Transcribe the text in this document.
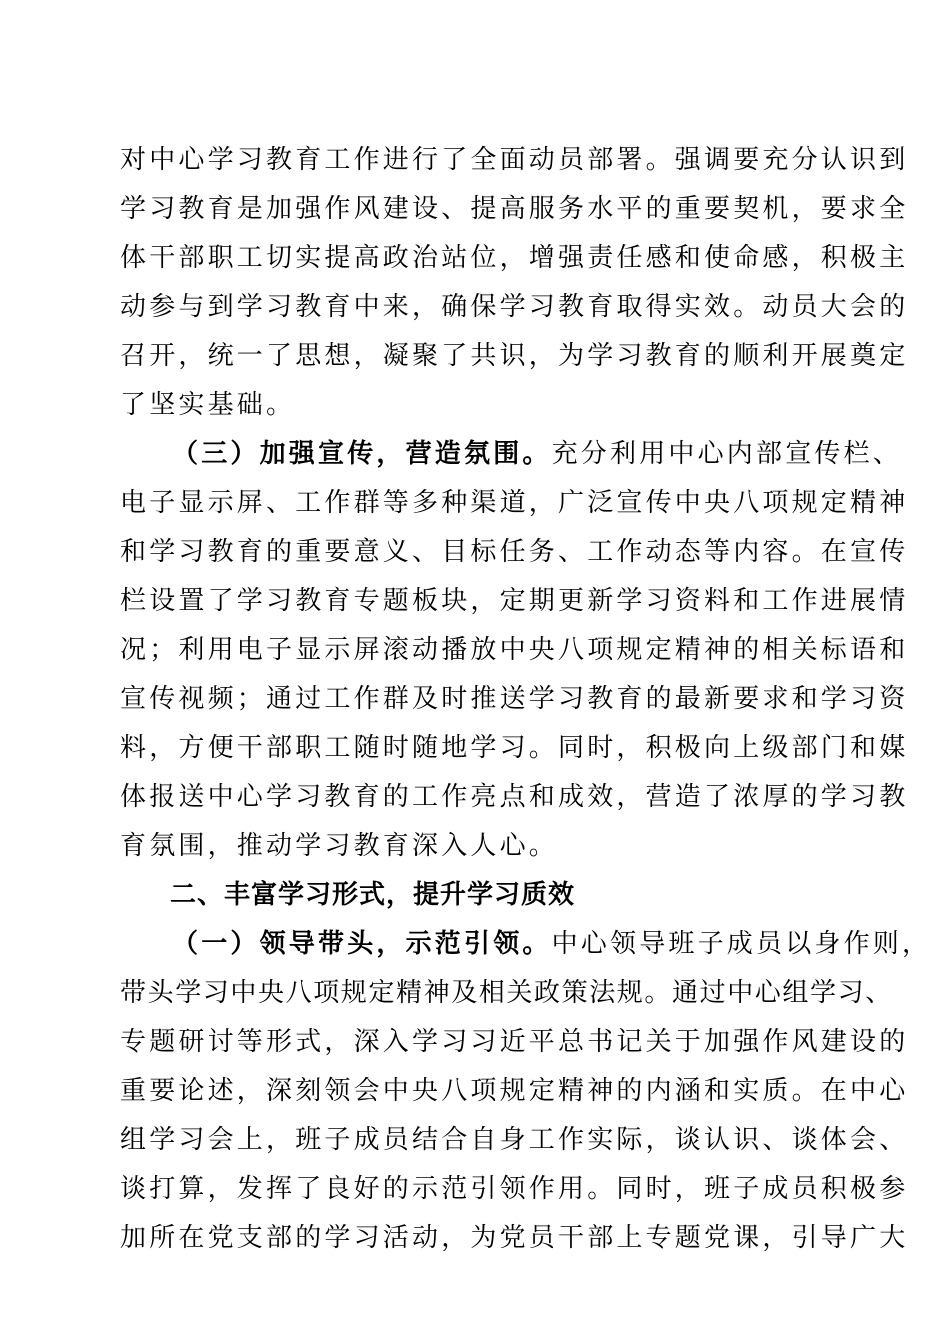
对中心学习教育工作进行了全面动员部署。强调要充分认识到
学习教育是加强作风建设、提高服务水平的重要契机，要求全
体干部职工切实提高政治站位，增强责任感和使命感，积极主
动参与到学习教育中来，确保学习教育取得实效。动员大会的
召开，统一了思想，凝聚了共识，为学习教育的顺利开展奠定
了坚实基础。
（三）加强宣传，营造氛围。充分利用中心内部宣传栏、
电子显示屏、工作群等多种渠道，广泛宣传中央八项规定精神
和学习教育的重要意义、目标任务、工作动态等内容。在宣传
栏设置了学习教育专题板块，定期更新学习资料和工作进展情
况；利用电子显示屏滚动播放中央八项规定精神的相关标语和
宣传视频；通过工作群及时推送学习教育的最新要求和学习资
料，方便干部职工随时随地学习。同时，积极向上级部门和媒
体报送中心学习教育的工作亮点和成效，营造了浓厚的学习教
育氛围，推动学习教育深入人心。
二、丰富学习形式，提升学习质效
（一）领导带头，示范引领。中心领导班子成员以身作则，
带头学习中央八项规定精神及相关政策法规。通过中心组学习、
专题研讨等形式，深入学习习近平总书记关于加强作风建设的
重要论述，深刻领会中央八项规定精神的内涵和实质。在中心
组学习会上，班子成员结合自身工作实际，谈认识、谈体会、
谈打算，发挥了良好的示范引领作用。同时，班子成员积极参
加所在党支部的学习活动，为党员干部上专题党课，引导广大
